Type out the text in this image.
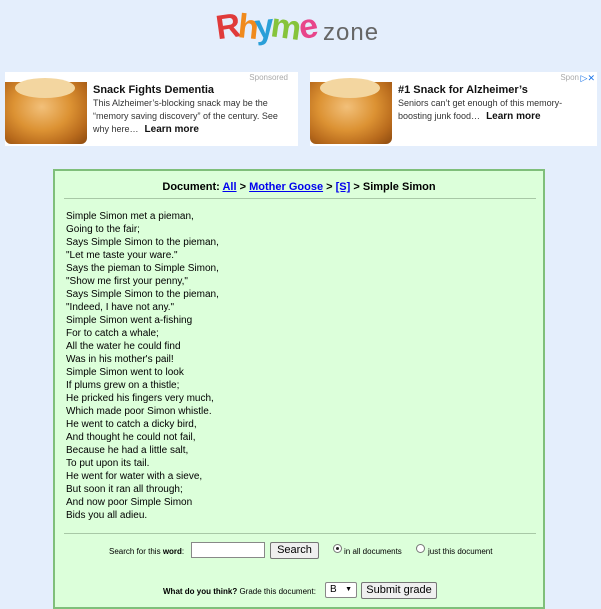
Rhyme zone
Sponsored
Snack Fights Dementia
This Alzheimer’s-blocking snack may be the “memory saving discovery” of the century. See why here… Learn more
Spon ▷✕
#1 Snack for Alzheimer’s
Seniors can’t get enough of this memory-boosting junk food… Learn more
Document: All > Mother Goose > [S] > Simple Simon
Simple Simon met a pieman,
Going to the fair;
Says Simple Simon to the pieman,
"Let me taste your ware."
Says the pieman to Simple Simon,
"Show me first your penny,"
Says Simple Simon to the pieman,
"Indeed, I have not any."
Simple Simon went a-fishing
For to catch a whale;
All the water he could find
Was in his mother's pail!
Simple Simon went to look
If plums grew on a thistle;
He pricked his fingers very much,
Which made poor Simon whistle.
He went to catch a dicky bird,
And thought he could not fail,
Because he had a little salt,
To put upon its tail.
He went for water with a sieve,
But soon it ran all through;
And now poor Simple Simon
Bids you all adieu.
Search for this word:	Search	in all documents	just this document
What do you think? Grade this document:	B ▼	Submit grade
